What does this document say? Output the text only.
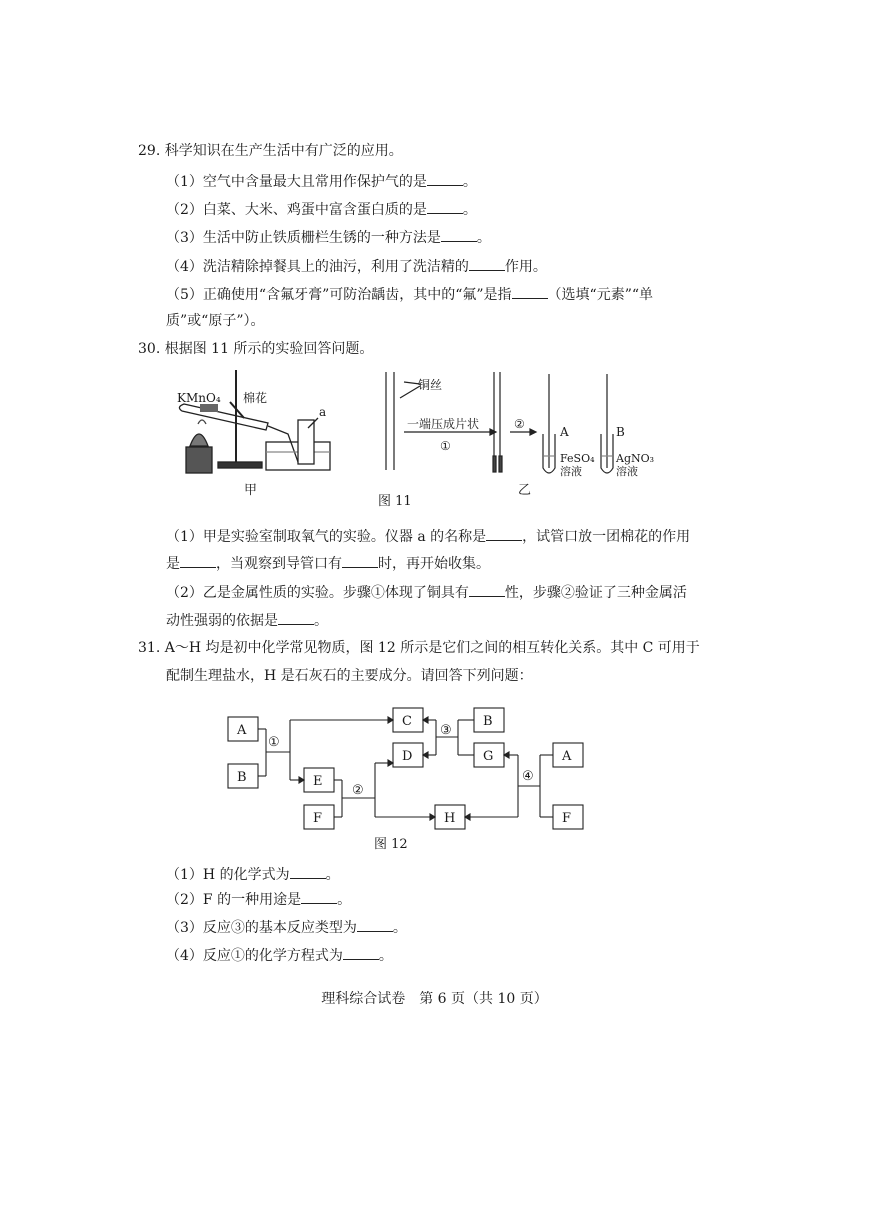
29. 科学知识在生产生活中有广泛的应用。
（1）空气中含量最大且常用作保护气的是	。
（2）白菜、大米、鸡蛋中富含蛋白质的是	。
（3）生活中防止铁质栅栏生锈的一种方法是	。
（4）洗洁精除掉餐具上的油污，利用了洗洁精的	作用。
（5）正确使用“含氟牙膏”可防治龋齿，其中的“氟”是指	（选填“元素”“单
质”或“原子”）。
30. 根据图 11 所示的实验回答问题。
KMnO₄ 棉花
a
甲
铜丝
一端压成片状
①
②
A	B
FeSO₄
溶液
AgNO₃
溶液
乙
图 11
（1）甲是实验室制取氧气的实验。仪器 a 的名称是	，试管口放一团棉花的作用
是	，当观察到导管口有	时，再开始收集。
（2）乙是金属性质的实验。步骤①体现了铜具有	性，步骤②验证了三种金属活
动性强弱的依据是	。
31. A～H 均是初中化学常见物质，图 12 所示是它们之间的相互转化关系。其中 C 可用于
配制生理盐水，H 是石灰石的主要成分。请回答下列问题：
A
B
C
D
E
F	H
B
G	A
F
①
②
③
④
图 12
（1）H 的化学式为	。
（2）F 的一种用途是	。
（3）反应③的基本反应类型为	。
（4）反应①的化学方程式为	。
理科综合试卷　第 6 页（共 10 页）
